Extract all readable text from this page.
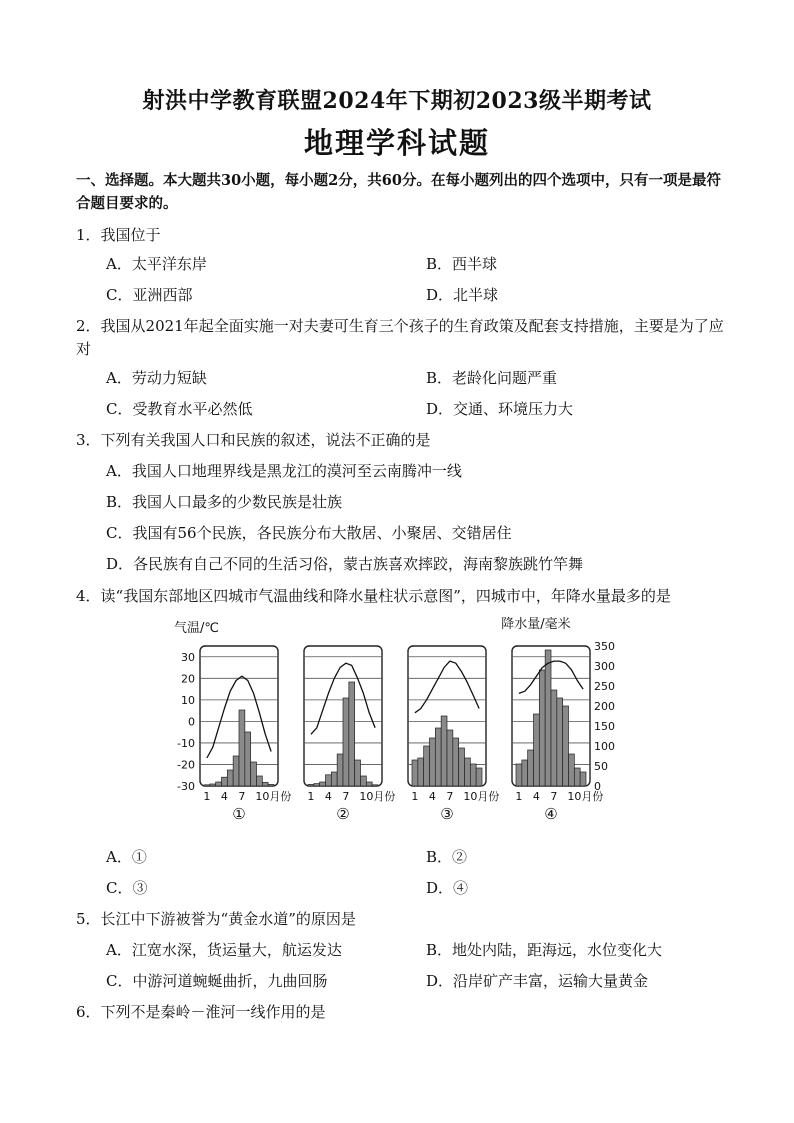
射洪中学教育联盟2024年下期初2023级半期考试
地理学科试题
一、选择题。本大题共30小题，每小题2分，共60分。在每小题列出的四个选项中，只有一项是最符合题目要求的。
1．我国位于
A．太平洋东岸	B．西半球
C．亚洲西部	D．北半球
2．我国从2021年起全面实施一对夫妻可生育三个孩子的生育政策及配套支持措施，主要是为了应对
A．劳动力短缺	B．老龄化问题严重
C．受教育水平必然低	D．交通、环境压力大
3．下列有关我国人口和民族的叙述，说法不正确的是
A．我国人口地理界线是黑龙江的漠河至云南腾冲一线
B．我国人口最多的少数民族是壮族
C．我国有56个民族，各民族分布大散居、小聚居、交错居住
D．各民族有自己不同的生活习俗，蒙古族喜欢摔跤，海南黎族跳竹竿舞
4．读“我国东部地区四城市气温曲线和降水量柱状示意图”，四城市中，年降水量最多的是
气温/℃	降水量/毫米
30
20
10
0
-10
-20
-30
350
300
250
200
150
100
50
0
1 4 7 10月份
①
1 4 7 10月份
②
1 4 7 10月份
③
1 4 7 10月份
④
A．①	B．②
C．③	D．④
5．长江中下游被誉为“黄金水道”的原因是
A．江宽水深，货运量大，航运发达	B．地处内陆，距海远，水位变化大
C．中游河道蜿蜒曲折，九曲回肠	D．沿岸矿产丰富，运输大量黄金
6．下列不是秦岭－淮河一线作用的是
